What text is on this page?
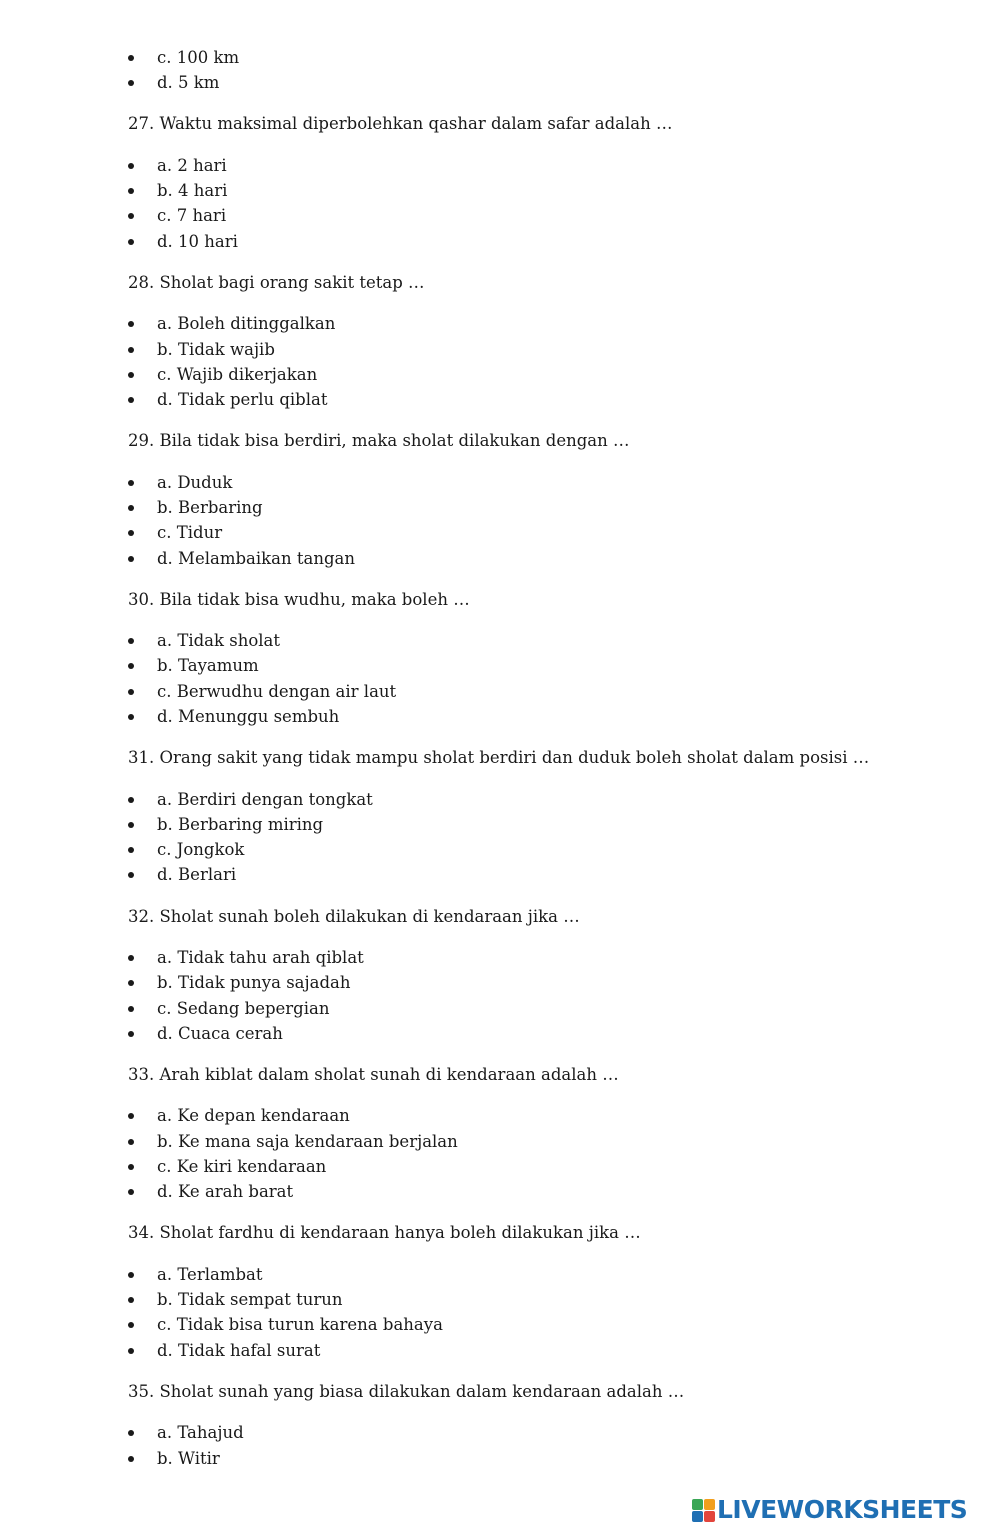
c. 100 km
d. 5 km
27. Waktu maksimal diperbolehkan qashar dalam safar adalah …
a. 2 hari
b. 4 hari
c. 7 hari
d. 10 hari
28. Sholat bagi orang sakit tetap …
a. Boleh ditinggalkan
b. Tidak wajib
c. Wajib dikerjakan
d. Tidak perlu qiblat
29. Bila tidak bisa berdiri, maka sholat dilakukan dengan …
a. Duduk
b. Berbaring
c. Tidur
d. Melambaikan tangan
30. Bila tidak bisa wudhu, maka boleh …
a. Tidak sholat
b. Tayamum
c. Berwudhu dengan air laut
d. Menunggu sembuh
31. Orang sakit yang tidak mampu sholat berdiri dan duduk boleh sholat dalam posisi …
a. Berdiri dengan tongkat
b. Berbaring miring
c. Jongkok
d. Berlari
32. Sholat sunah boleh dilakukan di kendaraan jika …
a. Tidak tahu arah qiblat
b. Tidak punya sajadah
c. Sedang bepergian
d. Cuaca cerah
33. Arah kiblat dalam sholat sunah di kendaraan adalah …
a. Ke depan kendaraan
b. Ke mana saja kendaraan berjalan
c. Ke kiri kendaraan
d. Ke arah barat
34. Sholat fardhu di kendaraan hanya boleh dilakukan jika …
a. Terlambat
b. Tidak sempat turun
c. Tidak bisa turun karena bahaya
d. Tidak hafal surat
35. Sholat sunah yang biasa dilakukan dalam kendaraan adalah …
a. Tahajud
b. Witir
LIVEWORKSHEETS
